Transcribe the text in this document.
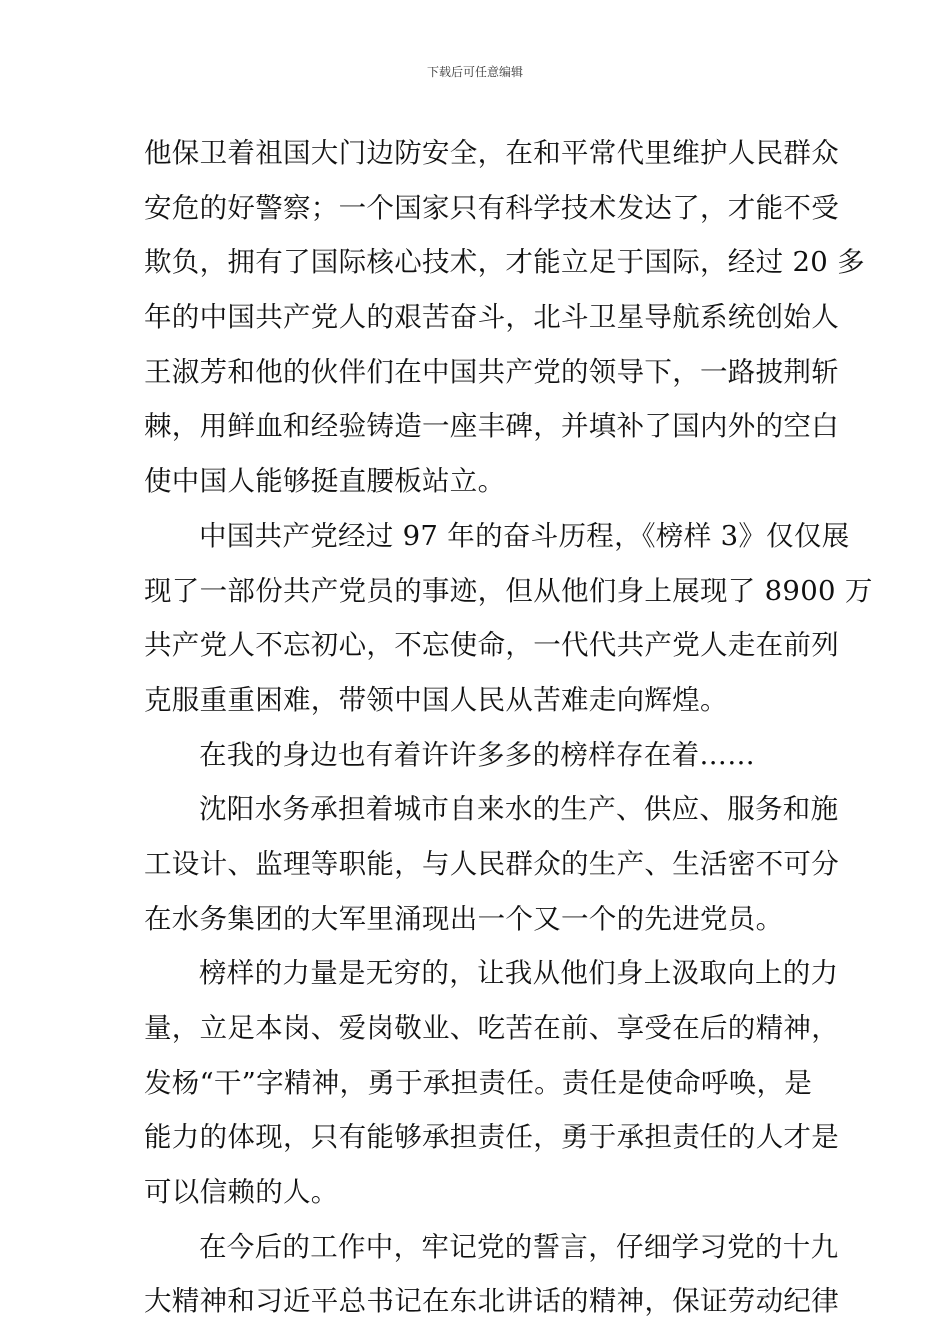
下载后可任意编辑
他保卫着祖国大门边防安全，在和平常代里维护人民群众
安危的好警察；一个国家只有科学技术发达了，才能不受
欺负，拥有了国际核心技术，才能立足于国际，经过 20 多
年的中国共产党人的艰苦奋斗，北斗卫星导航系统创始人
王淑芳和他的伙伴们在中国共产党的领导下，一路披荆斩
棘，用鲜血和经验铸造一座丰碑，并填补了国内外的空白
使中国人能够挺直腰板站立。
中国共产党经过 97 年的奋斗历程，《榜样 3》仅仅展
现了一部份共产党员的事迹，但从他们身上展现了 8900 万
共产党人不忘初心，不忘使命，一代代共产党人走在前列
克服重重困难，带领中国人民从苦难走向辉煌。
在我的身边也有着许许多多的榜样存在着……
沈阳水务承担着城市自来水的生产、供应、服务和施
工设计、监理等职能，与人民群众的生产、生活密不可分
在水务集团的大军里涌现出一个又一个的先进党员。
榜样的力量是无穷的，让我从他们身上汲取向上的力
量，立足本岗、爱岗敬业、吃苦在前、享受在后的精神，
发杨“干”字精神，勇于承担责任。责任是使命呼唤，是
能力的体现，只有能够承担责任，勇于承担责任的人才是
可以信赖的人。
在今后的工作中，牢记党的誓言，仔细学习党的十九
大精神和习近平总书记在东北讲话的精神，保证劳动纪律
